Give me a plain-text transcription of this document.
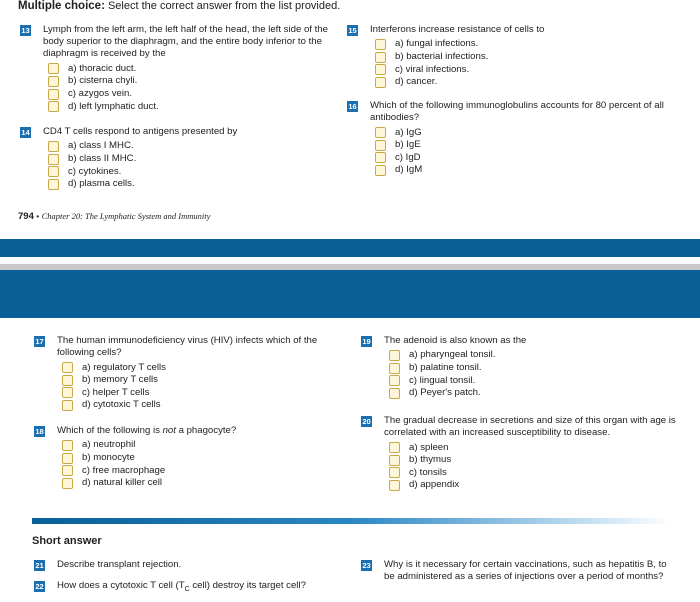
Multiple choice: Select the correct answer from the list provided.
13 Lymph from the left arm, the left half of the head, the left side of the body superior to the diaphragm, and the entire body inferior to the diaphragm is received by the
a) thoracic duct.
b) cisterna chyli.
c) azygos vein.
d) left lymphatic duct.
14 CD4 T cells respond to antigens presented by
a) class I MHC.
b) class II MHC.
c) cytokines.
d) plasma cells.
15 Interferons increase resistance of cells to
a) fungal infections.
b) bacterial infections.
c) viral infections.
d) cancer.
16 Which of the following immunoglobulins accounts for 80 percent of all antibodies?
a) IgG
b) IgE
c) IgD
d) IgM
794 • Chapter 20: The Lymphatic System and Immunity
17 The human immunodeficiency virus (HIV) infects which of the following cells?
a) regulatory T cells
b) memory T cells
c) helper T cells
d) cytotoxic T cells
18 Which of the following is not a phagocyte?
a) neutrophil
b) monocyte
c) free macrophage
d) natural killer cell
19 The adenoid is also known as the
a) pharyngeal tonsil.
b) palatine tonsil.
c) lingual tonsil.
d) Peyer's patch.
20 The gradual decrease in secretions and size of this organ with age is correlated with an increased susceptibility to disease.
a) spleen
b) thymus
c) tonsils
d) appendix
Short answer
21 Describe transplant rejection.
22 How does a cytotoxic T cell ($T_C$ cell) destroy its target cell?
23 Why is it necessary for certain vaccinations, such as hepatitis B, to be administered as a series of injections over a period of months?
